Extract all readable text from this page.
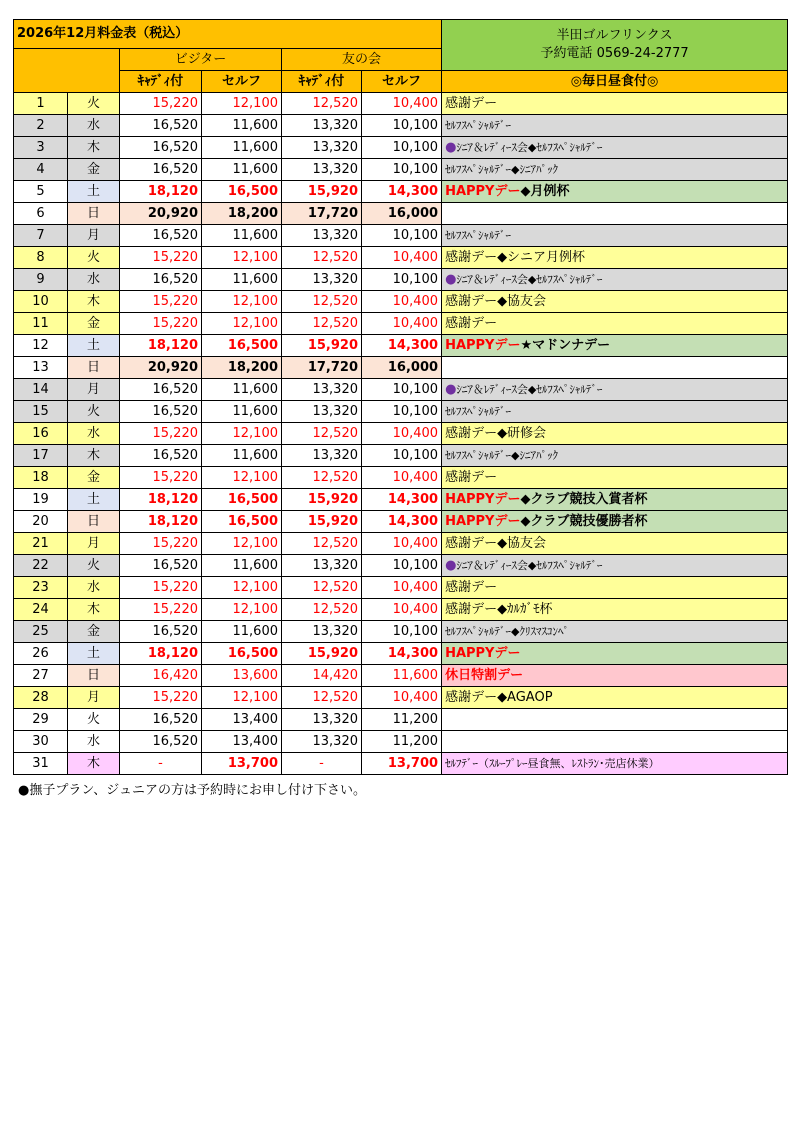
2026年12月料金表（税込）						半田ゴルフリンクス
予約電話 0569-24-2777

		ビジター		友の会		
		ｷｬﾃﾞｨ付	セルフ	ｷｬﾃﾞｨ付	セルフ	◎毎日昼食付◎
1	火	15,220	12,100	12,520	10,400	感謝デー
2	水	16,520	11,600	13,320	10,100	ｾﾙﾌｽﾍﾟｼｬﾙﾃﾞｰ
3	木	16,520	11,600	13,320	10,100	●ｼﾆｱ＆ﾚﾃﾞｨｰｽ会◆ｾﾙﾌｽﾍﾟｼｬﾙﾃﾞｰ
4	金	16,520	11,600	13,320	10,100	ｾﾙﾌｽﾍﾟｼｬﾙﾃﾞｰ◆ｼﾆｱﾊﾟｯｸ
5	土	18,120	16,500	15,920	14,300	HAPPYデー◆月例杯
6	日	20,920	18,200	17,720	16,000	
7	月	16,520	11,600	13,320	10,100	ｾﾙﾌｽﾍﾟｼｬﾙﾃﾞｰ
8	火	15,220	12,100	12,520	10,400	感謝デー◆シニア月例杯
9	水	16,520	11,600	13,320	10,100	●ｼﾆｱ＆ﾚﾃﾞｨｰｽ会◆ｾﾙﾌｽﾍﾟｼｬﾙﾃﾞｰ
10	木	15,220	12,100	12,520	10,400	感謝デー◆協友会
11	金	15,220	12,100	12,520	10,400	感謝デー
12	土	18,120	16,500	15,920	14,300	HAPPYデー★マドンナデー
13	日	20,920	18,200	17,720	16,000	
14	月	16,520	11,600	13,320	10,100	●ｼﾆｱ＆ﾚﾃﾞｨｰｽ会◆ｾﾙﾌｽﾍﾟｼｬﾙﾃﾞｰ
15	火	16,520	11,600	13,320	10,100	ｾﾙﾌｽﾍﾟｼｬﾙﾃﾞｰ
16	水	15,220	12,100	12,520	10,400	感謝デー◆研修会
17	木	16,520	11,600	13,320	10,100	ｾﾙﾌｽﾍﾟｼｬﾙﾃﾞｰ◆ｼﾆｱﾊﾟｯｸ
18	金	15,220	12,100	12,520	10,400	感謝デー
19	土	18,120	16,500	15,920	14,300	HAPPYデー◆クラブ競技入賞者杯
20	日	18,120	16,500	15,920	14,300	HAPPYデー◆クラブ競技優勝者杯
21	月	15,220	12,100	12,520	10,400	感謝デー◆協友会
22	火	16,520	11,600	13,320	10,100	●ｼﾆｱ＆ﾚﾃﾞｨｰｽ会◆ｾﾙﾌｽﾍﾟｼｬﾙﾃﾞｰ
23	水	15,220	12,100	12,520	10,400	感謝デー
24	木	15,220	12,100	12,520	10,400	感謝デー◆ｶﾙｶﾞﾓ杯
25	金	16,520	11,600	13,320	10,100	ｾﾙﾌｽﾍﾟｼｬﾙﾃﾞｰ◆ｸﾘｽﾏｽｺﾝﾍﾟ
26	土	18,120	16,500	15,920	14,300	HAPPYデー
27	日	16,420	13,600	14,420	11,600	休日特割デー
28	月	15,220	12,100	12,520	10,400	感謝デー◆AGAOP
29	火	16,520	13,400	13,320	11,200	
30	水	16,520	13,400	13,320	11,200	
31	木	-	13,700	-	13,700	ｾﾙﾌﾃﾞｰ（ｽﾙｰﾌﾟﾚｰ昼食無、ﾚｽﾄﾗﾝ･売店休業）
●撫子プラン、ジュニアの方は予約時にお申し付け下さい。
